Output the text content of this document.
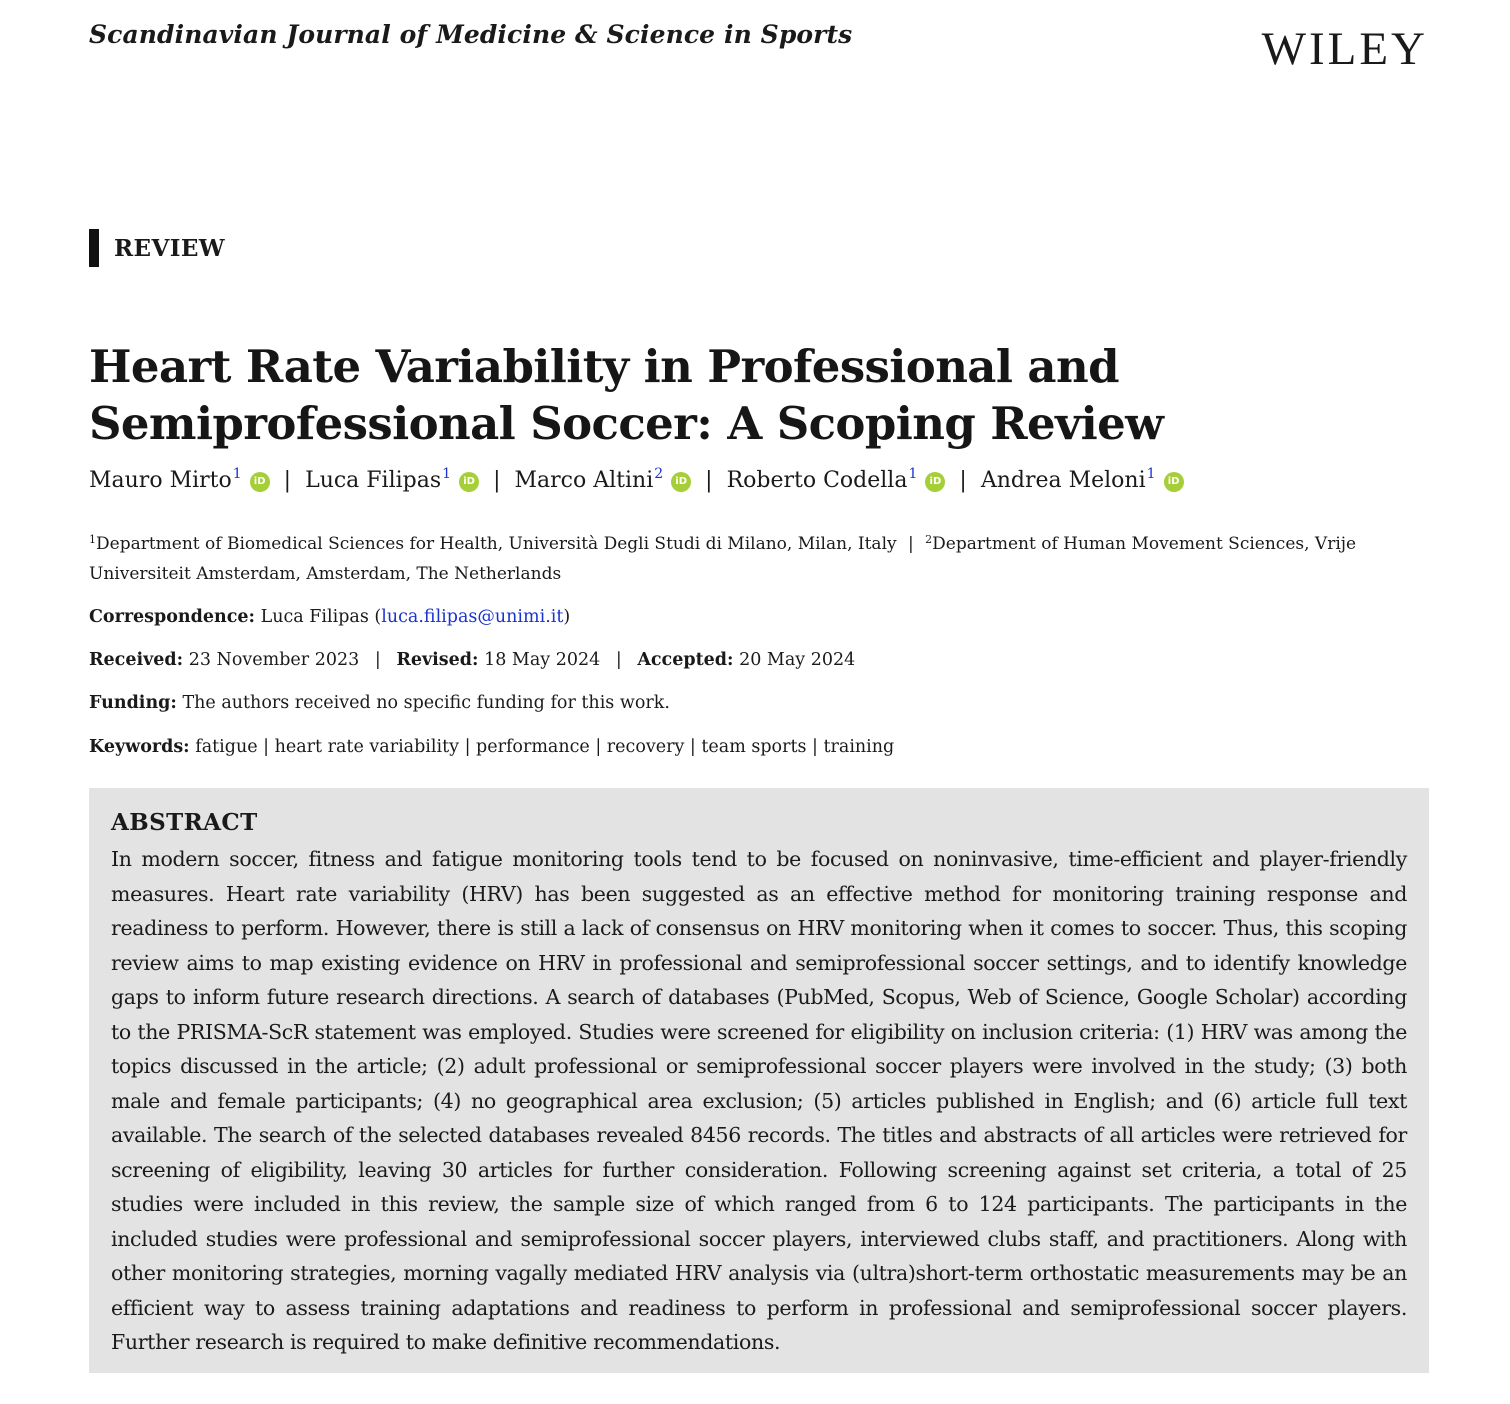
Scandinavian Journal of Medicine & Science in Sports	WILEY
REVIEW
Heart Rate Variability in Professional and Semiprofessional Soccer: A Scoping Review
Mauro Mirto$^1$ iD | Luca Filipas$^1$ iD | Marco Altini$^2$ iD | Roberto Codella$^1$ iD | Andrea Meloni$^1$ iD
$^1$Department of Biomedical Sciences for Health, Università Degli Studi di Milano, Milan, Italy | $^2$Department of Human Movement Sciences, Vrije Universiteit Amsterdam, Amsterdam, The Netherlands
Correspondence: Luca Filipas (luca.filipas@unimi.it)
Received: 23 November 2023 | Revised: 18 May 2024 | Accepted: 20 May 2024
Funding: The authors received no specific funding for this work.
Keywords: fatigue | heart rate variability | performance | recovery | team sports | training
ABSTRACT

In modern soccer, fitness and fatigue monitoring tools tend to be focused on noninvasive, time-efficient and player-friendly measures. Heart rate variability (HRV) has been suggested as an effective method for monitoring training response and readiness to perform. However, there is still a lack of consensus on HRV monitoring when it comes to soccer. Thus, this scoping review aims to map existing evidence on HRV in professional and semiprofessional soccer settings, and to identify knowledge gaps to inform future research directions. A search of databases (PubMed, Scopus, Web of Science, Google Scholar) according to the PRISMA-ScR statement was employed. Studies were screened for eligibility on inclusion criteria: (1) HRV was among the topics discussed in the article; (2) adult professional or semiprofessional soccer players were involved in the study; (3) both male and female participants; (4) no geographical area exclusion; (5) articles published in English; and (6) article full text available. The search of the selected databases revealed 8456 records. The titles and abstracts of all articles were retrieved for screening of eligibility, leaving 30 articles for further consideration. Following screening against set criteria, a total of 25 studies were included in this review, the sample size of which ranged from 6 to 124 participants. The participants in the included studies were professional and semiprofessional soccer players, interviewed clubs staff, and practitioners. Along with other monitoring strategies, morning vagally mediated HRV analysis via (ultra)short-term orthostatic measurements may be an efficient way to assess training adaptations and readiness to perform in professional and semiprofessional soccer players. Further research is required to make definitive recommendations.
